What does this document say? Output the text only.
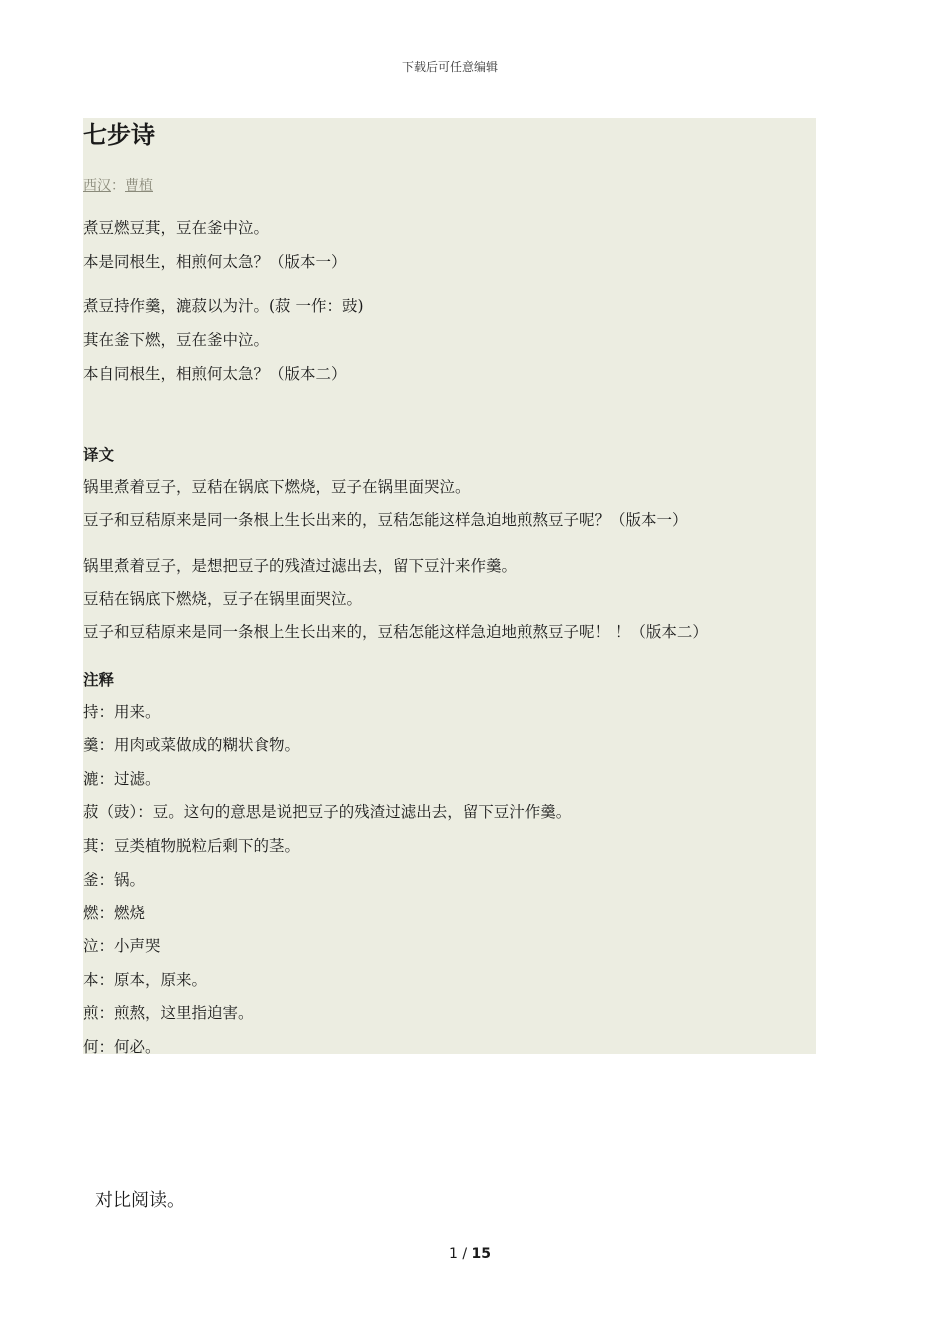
下载后可任意编辑
七步诗
西汉：曹植
煮豆燃豆萁，豆在釜中泣。
本是同根生，相煎何太急？（版本一）
煮豆持作羹，漉菽以为汁。(菽 一作：豉)
萁在釜下燃，豆在釜中泣。
本自同根生，相煎何太急？（版本二）
译文
锅里煮着豆子，豆秸在锅底下燃烧，豆子在锅里面哭泣。
豆子和豆秸原来是同一条根上生长出来的，豆秸怎能这样急迫地煎熬豆子呢？（版本一）
锅里煮着豆子，是想把豆子的残渣过滤出去，留下豆汁来作羹。
豆秸在锅底下燃烧，豆子在锅里面哭泣。
豆子和豆秸原来是同一条根上生长出来的，豆秸怎能这样急迫地煎熬豆子呢！ ！（版本二）
注释
持：用来。
羹：用肉或菜做成的糊状食物。
漉：过滤。
菽（豉）：豆。这句的意思是说把豆子的残渣过滤出去，留下豆汁作羹。
萁：豆类植物脱粒后剩下的茎。
釜：锅。
燃：燃烧
泣：小声哭
本：原本，原来。
煎：煎熬，这里指迫害。
何：何必。
对比阅读。
1 / 15
